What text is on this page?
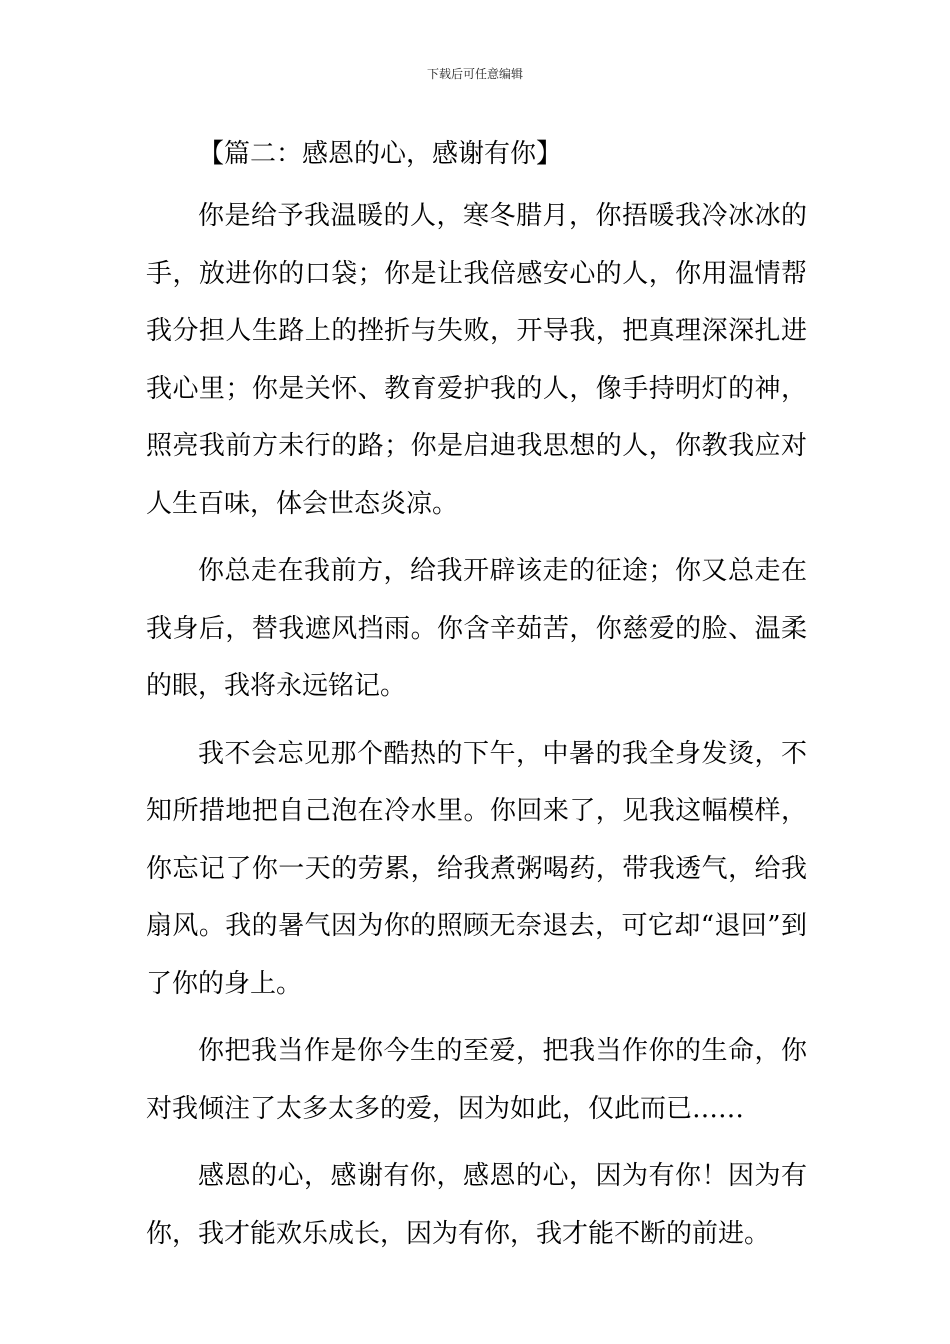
下载后可任意编辑
【篇二：感恩的心，感谢有你】

你是给予我温暖的人，寒冬腊月，你捂暖我冷冰冰的手，放进你的口袋；你是让我倍感安心的人，你用温情帮我分担人生路上的挫折与失败，开导我，把真理深深扎进我心里；你是关怀、教育爱护我的人，像手持明灯的神，照亮我前方未行的路；你是启迪我思想的人，你教我应对人生百味，体会世态炎凉。

你总走在我前方，给我开辟该走的征途；你又总走在我身后，替我遮风挡雨。你含辛茹苦，你慈爱的脸、温柔的眼，我将永远铭记。

我不会忘见那个酷热的下午，中暑的我全身发烫，不知所措地把自己泡在冷水里。你回来了，见我这幅模样，你忘记了你一天的劳累，给我煮粥喝药，带我透气，给我扇风。我的暑气因为你的照顾无奈退去，可它却“退回”到了你的身上。

你把我当作是你今生的至爱，把我当作你的生命，你对我倾注了太多太多的爱，因为如此，仅此而已……

感恩的心，感谢有你，感恩的心，因为有你！因为有你，我才能欢乐成长，因为有你，我才能不断的前进。
